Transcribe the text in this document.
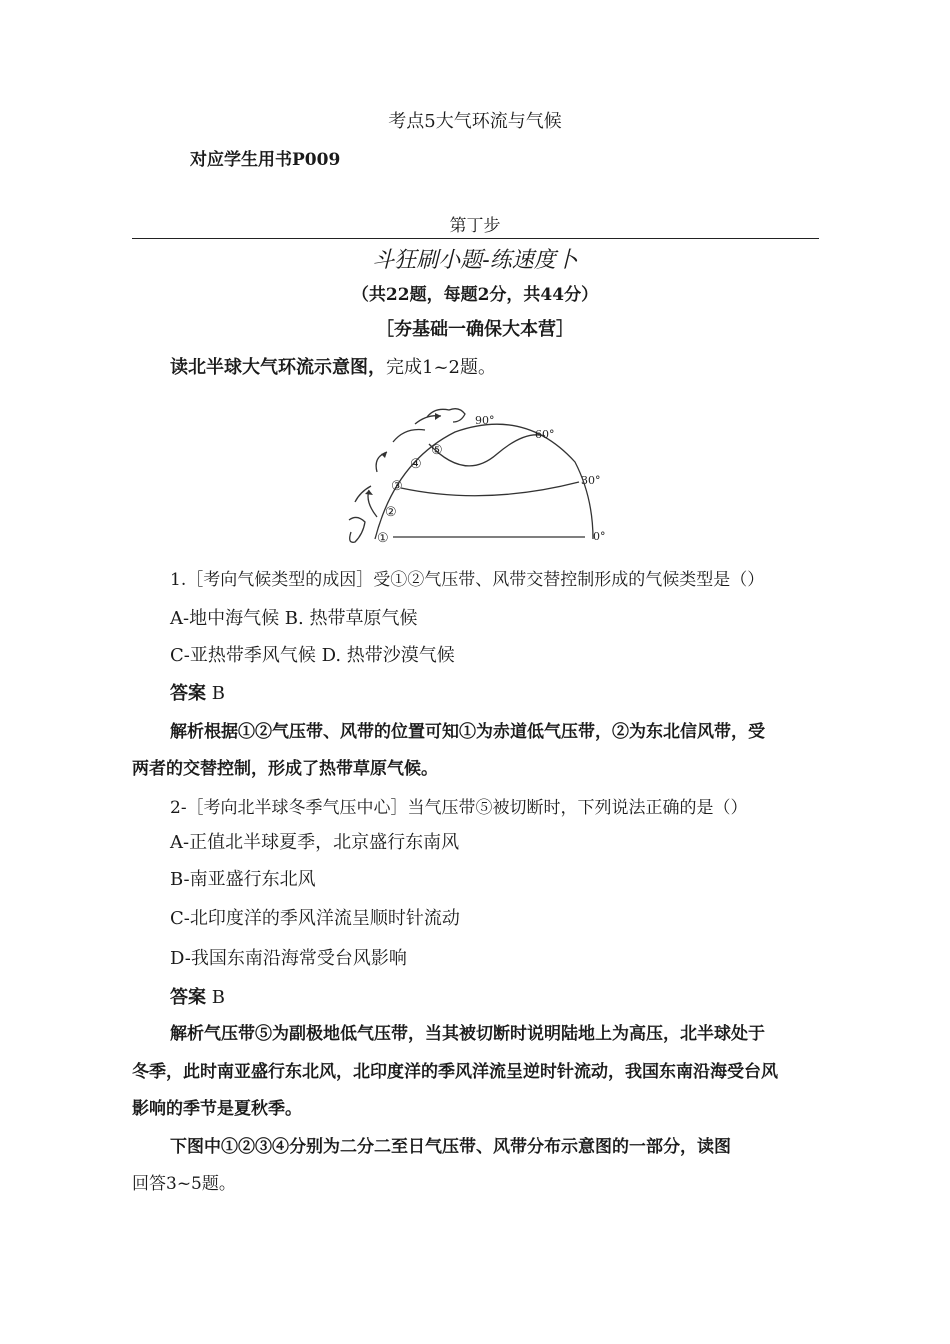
考点5大气环流与气候
对应学生用书P009
第丁步
斗狂刷小题-练速度卜
（共22题，每题2分，共44分）
［夯基础一确保大本营］
读北半球大气环流示意图，完成1~2题。
90°
60°
30°
0°
①
②
③
④
⑤
1.［考向气候类型的成因］受①②气压带、风带交替控制形成的气候类型是（）
A-地中海气候 B. 热带草原气候
C-亚热带季风气候 D. 热带沙漠气候
答案 B
解析根据①②气压带、风带的位置可知①为赤道低气压带，②为东北信风带，受
两者的交替控制，形成了热带草原气候。
2-［考向北半球冬季气压中心］当气压带⑤被切断时，下列说法正确的是（）
A-正值北半球夏季，北京盛行东南风
B-南亚盛行东北风
C-北印度洋的季风洋流呈顺时针流动
D-我国东南沿海常受台风影响
答案 B
解析气压带⑤为副极地低气压带，当其被切断时说明陆地上为高压，北半球处于
冬季，此时南亚盛行东北风，北印度洋的季风洋流呈逆时针流动，我国东南沿海受台风
影响的季节是夏秋季。
下图中①②③④分别为二分二至日气压带、风带分布示意图的一部分，读图
回答3~5题。
